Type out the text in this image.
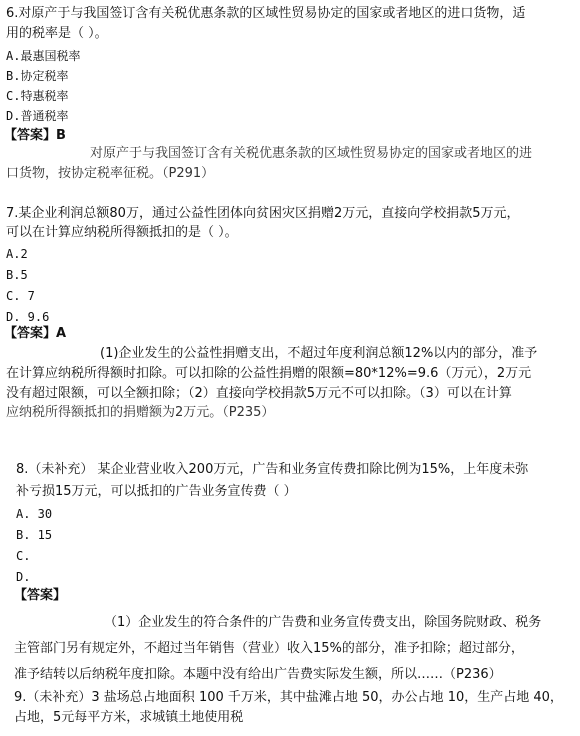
6.对原产于与我国签订含有关税优惠条款的区域性贸易协定的国家或者地区的进口货物，适
用的税率是（ ）。
A.最惠国税率
B.协定税率
C.特惠税率
D.普通税率
【答案】B
对原产于与我国签订含有关税优惠条款的区域性贸易协定的国家或者地区的进
口货物，按协定税率征税。（P291）
7.某企业利润总额80万，通过公益性团体向贫困灾区捐赠2万元，直接向学校捐款5万元，
可以在计算应纳税所得额抵扣的是（ ）。
A.2
B.5
C. 7
D. 9.6
【答案】A
(1)企业发生的公益性捐赠支出，不超过年度利润总额12%以内的部分，准予
在计算应纳税所得额时扣除。可以扣除的公益性捐赠的限额=80*12%=9.6（万元），2万元
没有超过限额，可以全额扣除；（2）直接向学校捐款5万元不可以扣除。（3）可以在计算
应纳税所得额抵扣的捐赠额为2万元。（P235）
8.（未补充） 某企业营业收入200万元，广告和业务宣传费扣除比例为15%，上年度未弥
补亏损15万元，可以抵扣的广告业务宣传费（ ）
A. 30
B. 15
C.
D.
【答案】
（1）企业发生的符合条件的广告费和业务宣传费支出，除国务院财政、税务
主管部门另有规定外，不超过当年销售（营业）收入15%的部分，准予扣除；超过部分，
准予结转以后纳税年度扣除。本题中没有给出广告费实际发生额，所以……（P236）
9.（未补充）3 盐场总占地面积 100 千万米，其中盐滩占地 50，办公占地 10，生产占地 40，
占地，5元每平方米，求城镇土地使用税
